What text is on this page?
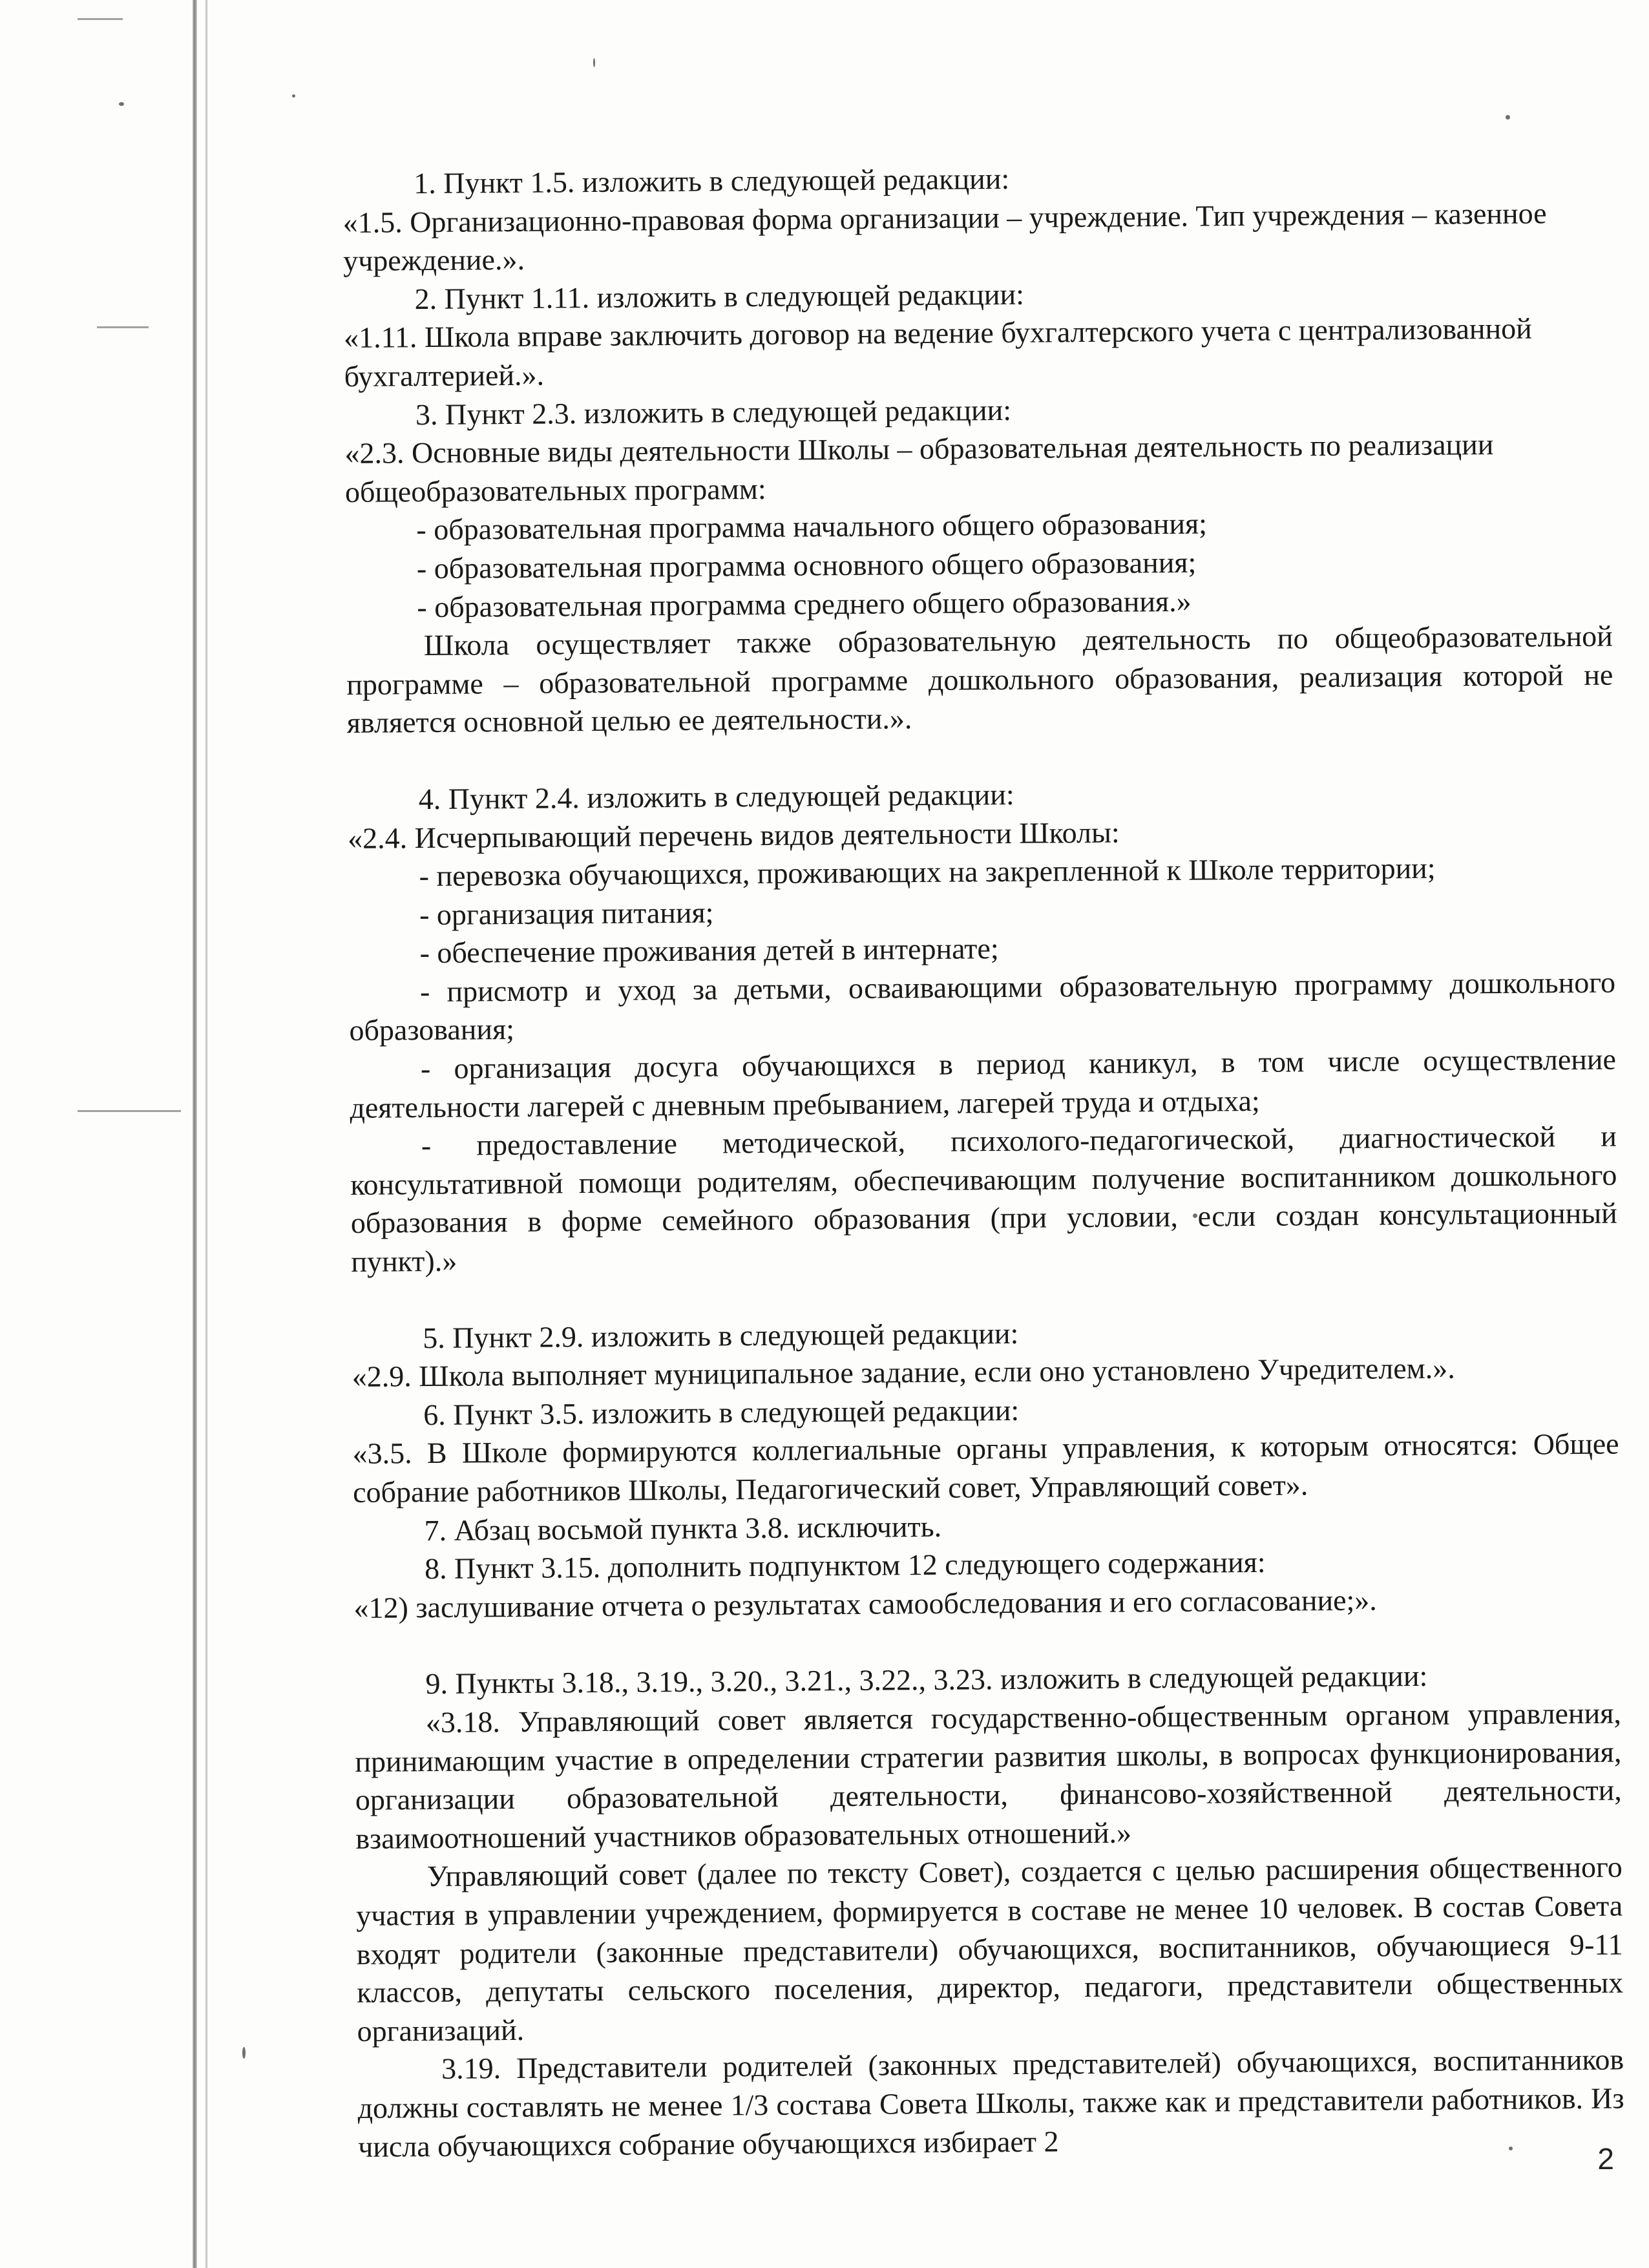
1. Пункт 1.5. изложить в следующей редакции:

«1.5. Организационно-правовая форма организации – учреждение. Тип учреждения – казенное учреждение.».

2. Пункт 1.11. изложить в следующей редакции:

«1.11. Школа вправе заключить договор на ведение бухгалтерского учета с централизованной бухгалтерией.».

3. Пункт 2.3. изложить в следующей редакции:

«2.3. Основные виды деятельности Школы – образовательная деятельность по реализации общеобразовательных программ:

- образовательная программа начального общего образования;

- образовательная программа основного общего образования;

- образовательная программа среднего общего образования.»

Школа осуществляет также образовательную деятельность по общеобразовательной программе – образовательной программе дошкольного образования, реализация которой не является основной целью ее деятельности.».

4. Пункт 2.4. изложить в следующей редакции:

«2.4. Исчерпывающий перечень видов деятельности Школы:

- перевозка обучающихся, проживающих на закрепленной к Школе территории;

- организация питания;

- обеспечение проживания детей в интернате;

- присмотр и уход за детьми, осваивающими образовательную программу дошкольного образования;

- организация досуга обучающихся в период каникул, в том числе осуществление деятельности лагерей с дневным пребыванием, лагерей труда и отдыха;

- предоставление методической, психолого-педагогической, диагностической и консультативной помощи родителям, обеспечивающим получение воспитанником дошкольного образования в форме семейного образования (при условии, если создан консультационный пункт).»

5. Пункт 2.9. изложить в следующей редакции:

«2.9. Школа выполняет муниципальное задание, если оно установлено Учредителем.».

6. Пункт 3.5. изложить в следующей редакции:

«3.5. В Школе формируются коллегиальные органы управления, к которым относятся: Общее собрание работников Школы, Педагогический совет, Управляющий совет».

7. Абзац восьмой пункта 3.8. исключить.

8. Пункт 3.15. дополнить подпунктом 12 следующего содержания:

«12) заслушивание отчета о результатах самообследования и его согласование;».

9. Пункты 3.18., 3.19., 3.20., 3.21., 3.22., 3.23. изложить в следующей редакции:

«3.18. Управляющий совет является государственно-общественным органом управления, принимающим участие в определении стратегии развития школы, в вопросах функционирования, организации образовательной деятельности, финансово-хозяйственной деятельности, взаимоотношений участников образовательных отношений.»

Управляющий совет (далее по тексту Совет), создается с целью расширения общественного участия в управлении учреждением, формируется в составе не менее 10 человек. В состав Совета входят родители (законные представители) обучающихся, воспитанников, обучающиеся 9-11 классов, депутаты сельского поселения, директор, педагоги, представители общественных организаций.

3.19. Представители родителей (законных представителей) обучающихся, воспитанников должны составлять не менее 1/3 состава Совета Школы, также как и представители работников. Из числа обучающихся собрание обучающихся избирает 2	2
